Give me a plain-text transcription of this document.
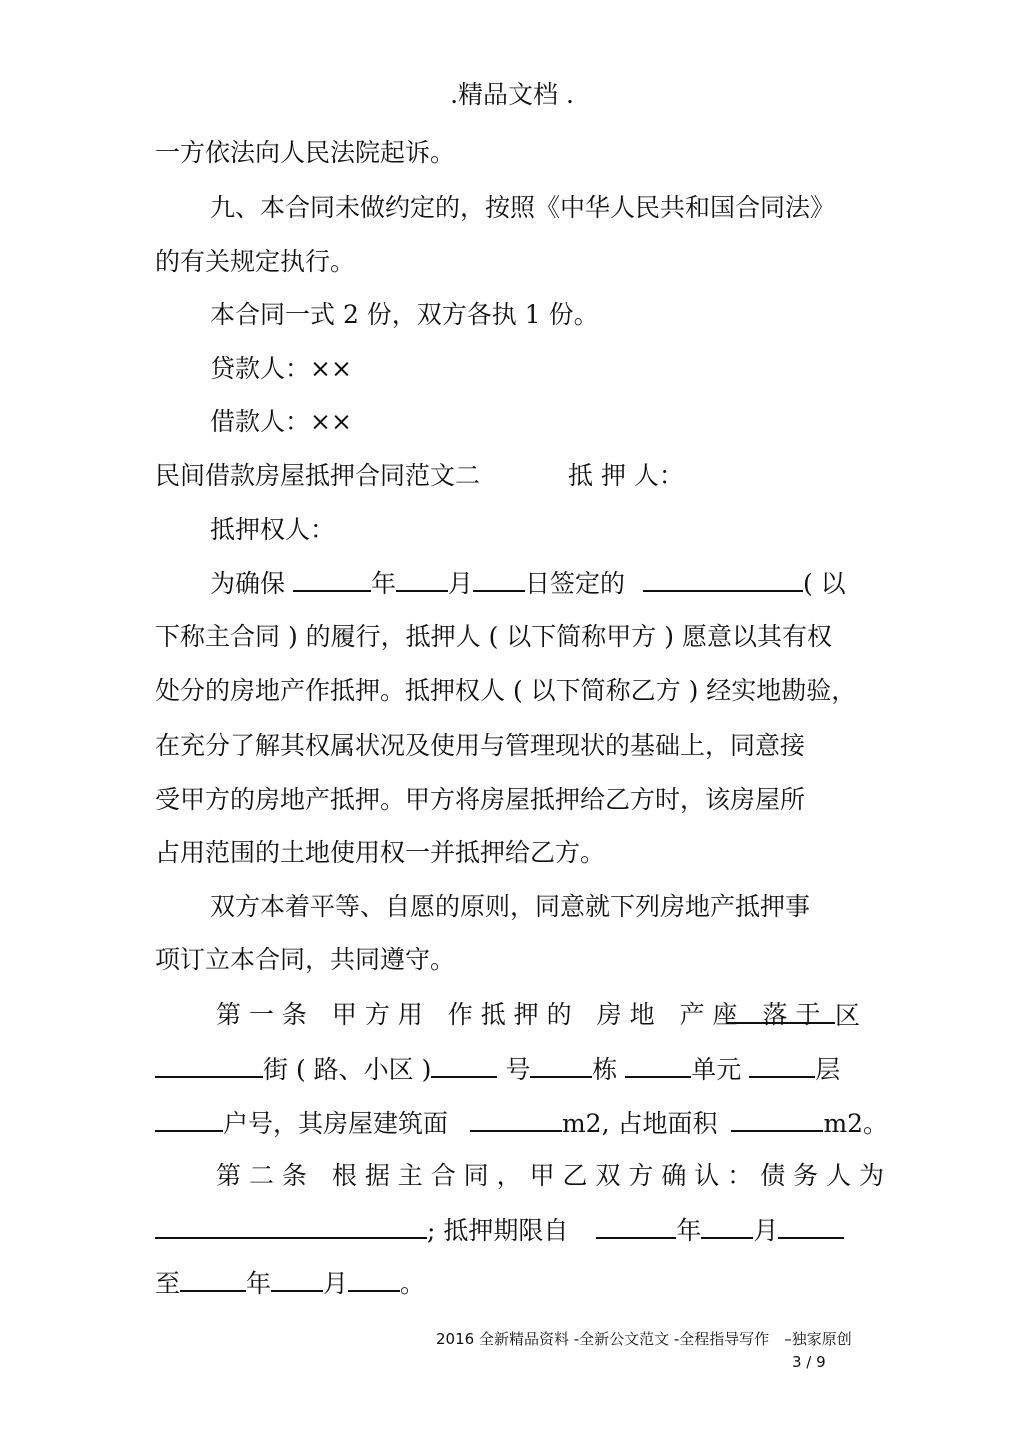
.精品文档 .
一方依法向人民法院起诉。
九、本合同未做约定的，按照《中华人民共和国合同法》
的有关规定执行。
本合同一式 2 份，双方各执 1 份。
贷款人：××
借款人：××
民间借款房屋抵押合同范文二	抵 押 人：
抵押权人：
为确保	年 月 日签定的	( 以
下称主合同 ) 的履行，抵押人 ( 以下简称甲方 ) 愿意以其有权
处分的房地产作抵押。抵押权人 ( 以下简称乙方 ) 经实地勘验，
在充分了解其权属状况及使用与管理现状的基础上，同意接
受甲方的房地产抵押。甲方将房屋抵押给乙方时，该房屋所
占用范围的土地使用权一并抵押给乙方。
双方本着平等、自愿的原则，同意就下列房地产抵押事
项订立本合同，共同遵守。
第 一 条　甲 方 用　作 抵 押 的　房 地　产 座　落 于 区
街 ( 路、小区 )	号 栋	单元	层
户号，其房屋建筑面	m2, 占地面积	m2。
第 二 条　根 据 主 合 同 ， 甲 乙 双 方 确 认 ： 债 务 人 为
; 抵押期限自	年 月
至	年 月 。
2016 全新精品资料 -全新公文范文 -全程指导写作　–独家原创
3 / 9
